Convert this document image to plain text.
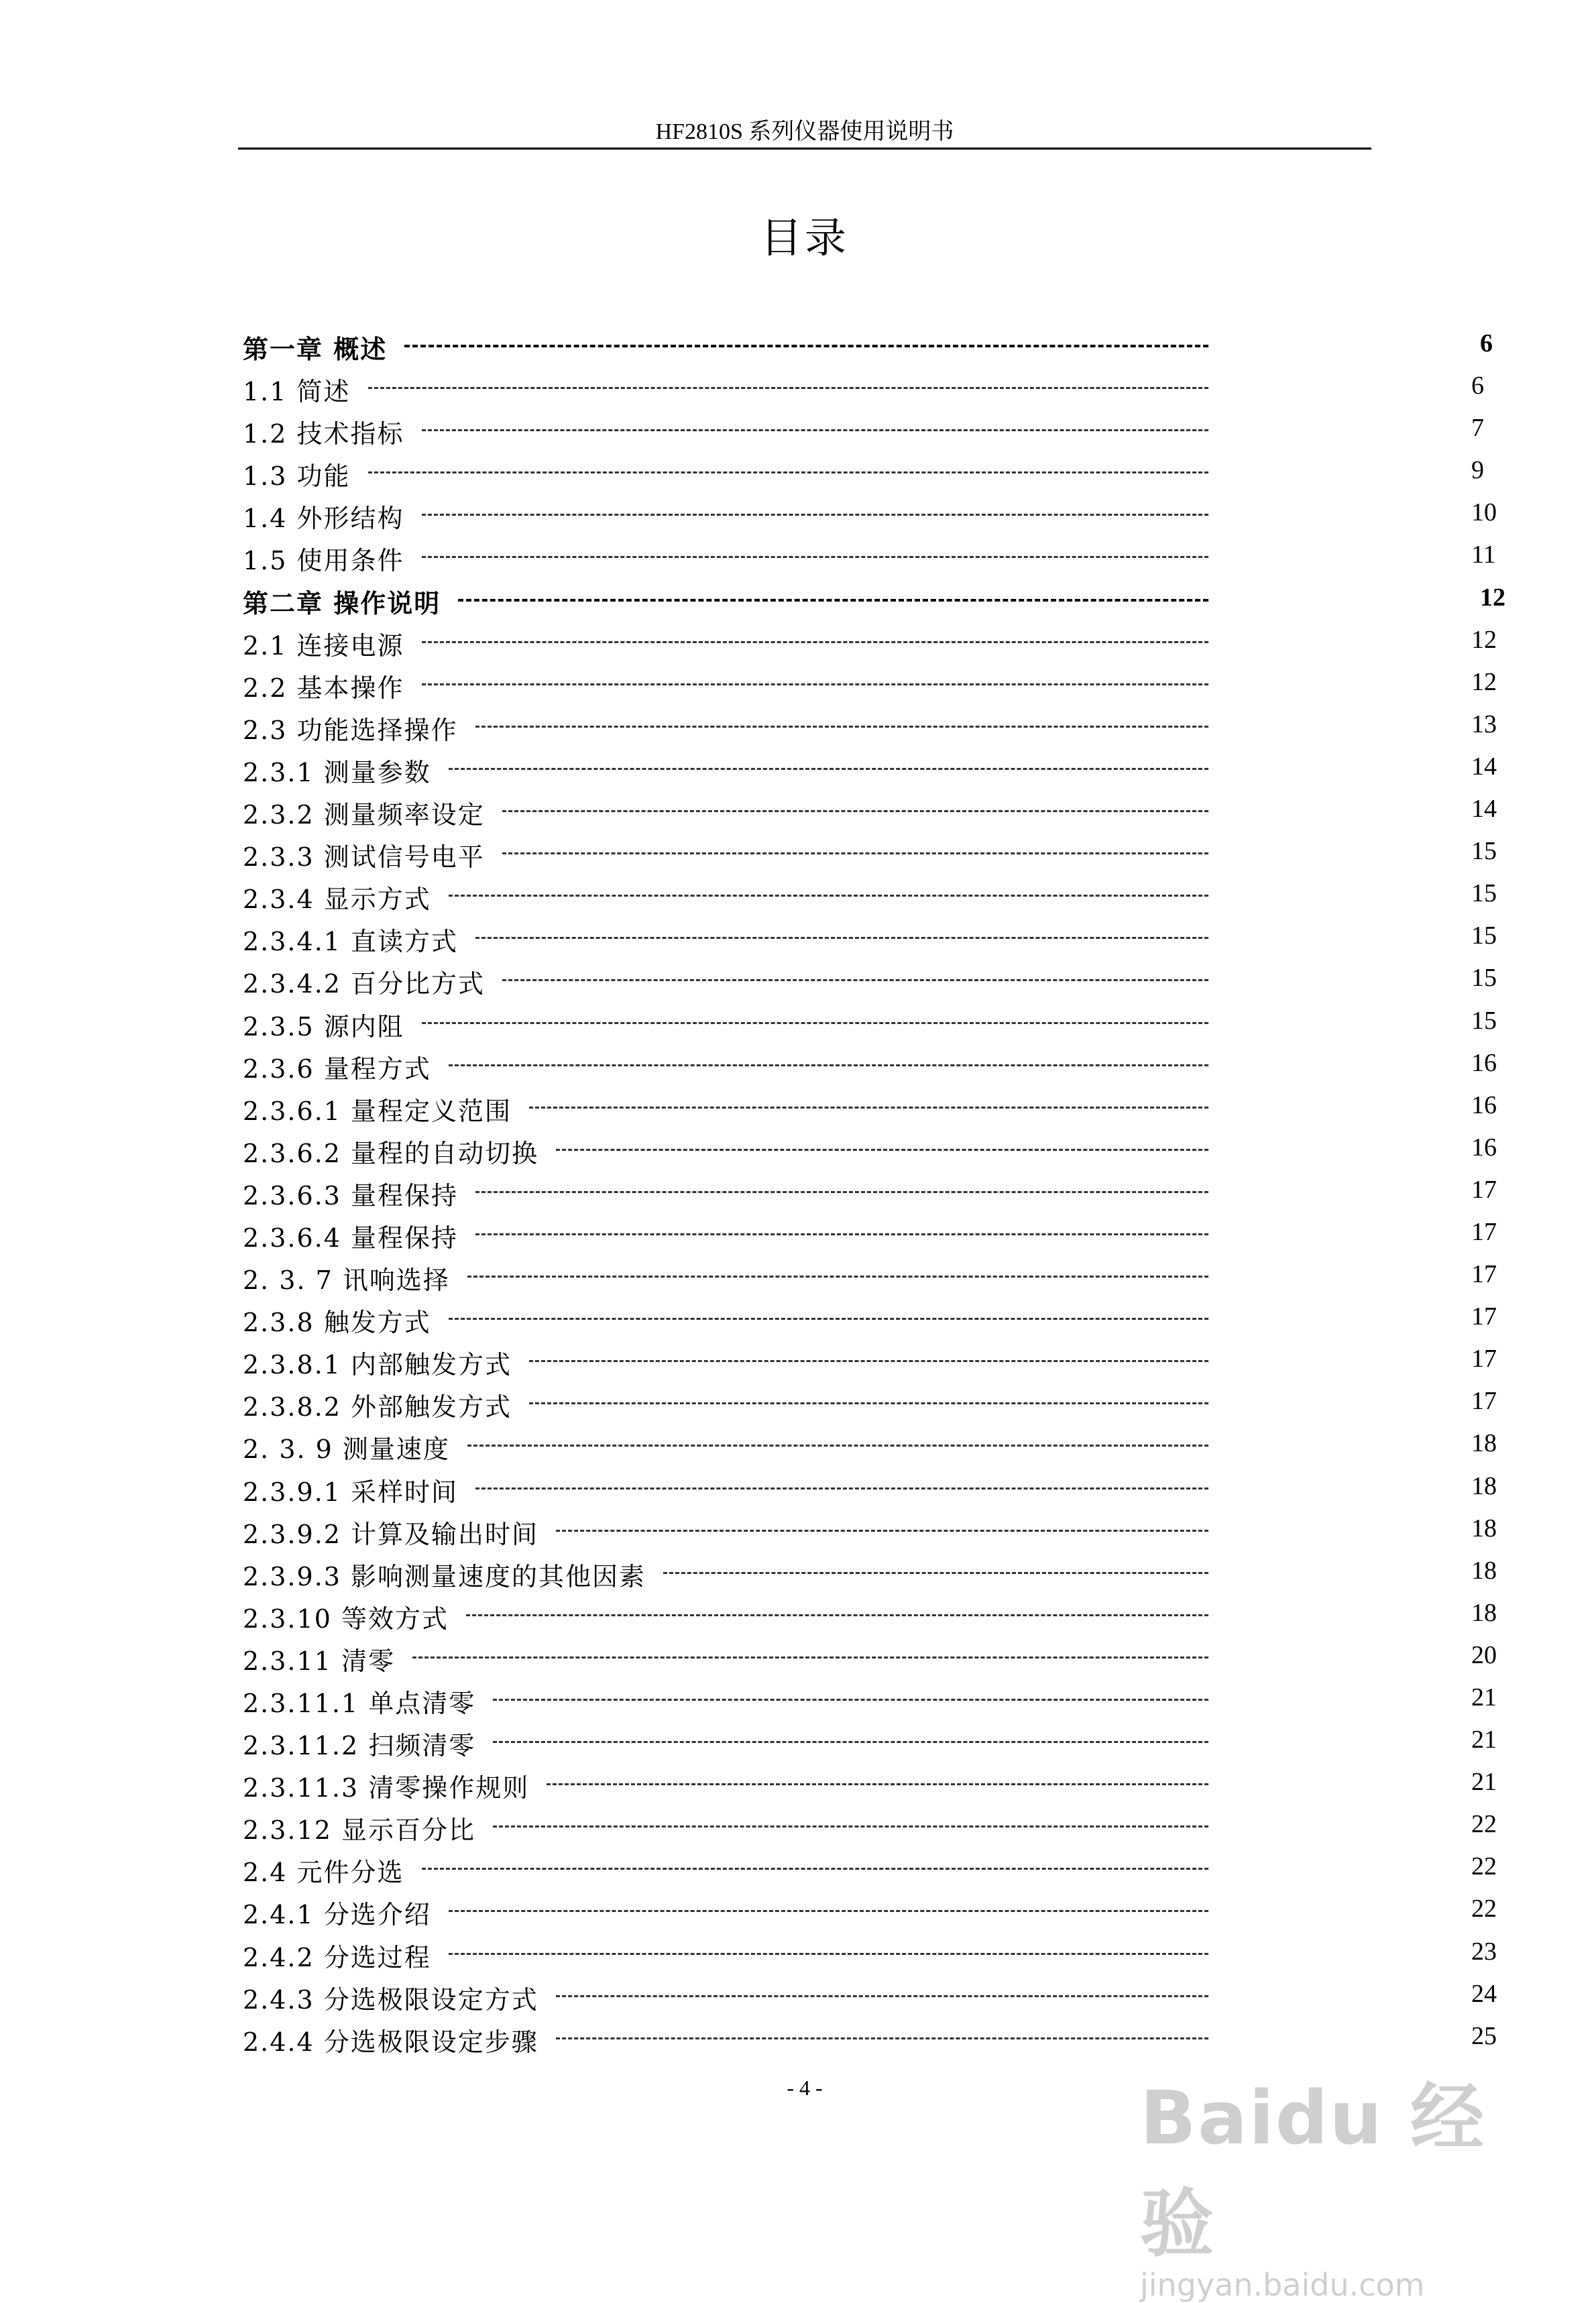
HF2810S 系列仪器使用说明书
目录
第一章 概述	6
1.1 简述	6
1.2 技术指标	7
1.3 功能	9
1.4 外形结构	10
1.5 使用条件	11
第二章 操作说明	12
2.1 连接电源	12
2.2 基本操作	12
2.3 功能选择操作	13
2.3.1 测量参数	14
2.3.2 测量频率设定	14
2.3.3 测试信号电平	15
2.3.4 显示方式	15
2.3.4.1 直读方式	15
2.3.4.2 百分比方式	15
2.3.5 源内阻	15
2.3.6 量程方式	16
2.3.6.1 量程定义范围	16
2.3.6.2 量程的自动切换	16
2.3.6.3 量程保持	17
2.3.6.4 量程保持	17
2. 3. 7 讯响选择	17
2.3.8 触发方式	17
2.3.8.1 内部触发方式	17
2.3.8.2 外部触发方式	17
2. 3. 9 测量速度	18
2.3.9.1 采样时间	18
2.3.9.2 计算及输出时间	18
2.3.9.3 影响测量速度的其他因素	18
2.3.10 等效方式	18
2.3.11 清零	20
2.3.11.1 单点清零	21
2.3.11.2 扫频清零	21
2.3.11.3 清零操作规则	21
2.3.12 显示百分比	22
2.4 元件分选	22
2.4.1 分选介绍	22
2.4.2 分选过程	23
2.4.3 分选极限设定方式	24
2.4.4 分选极限设定步骤	25
- 4 -	Baidu 经验
jingyan.baidu.com
